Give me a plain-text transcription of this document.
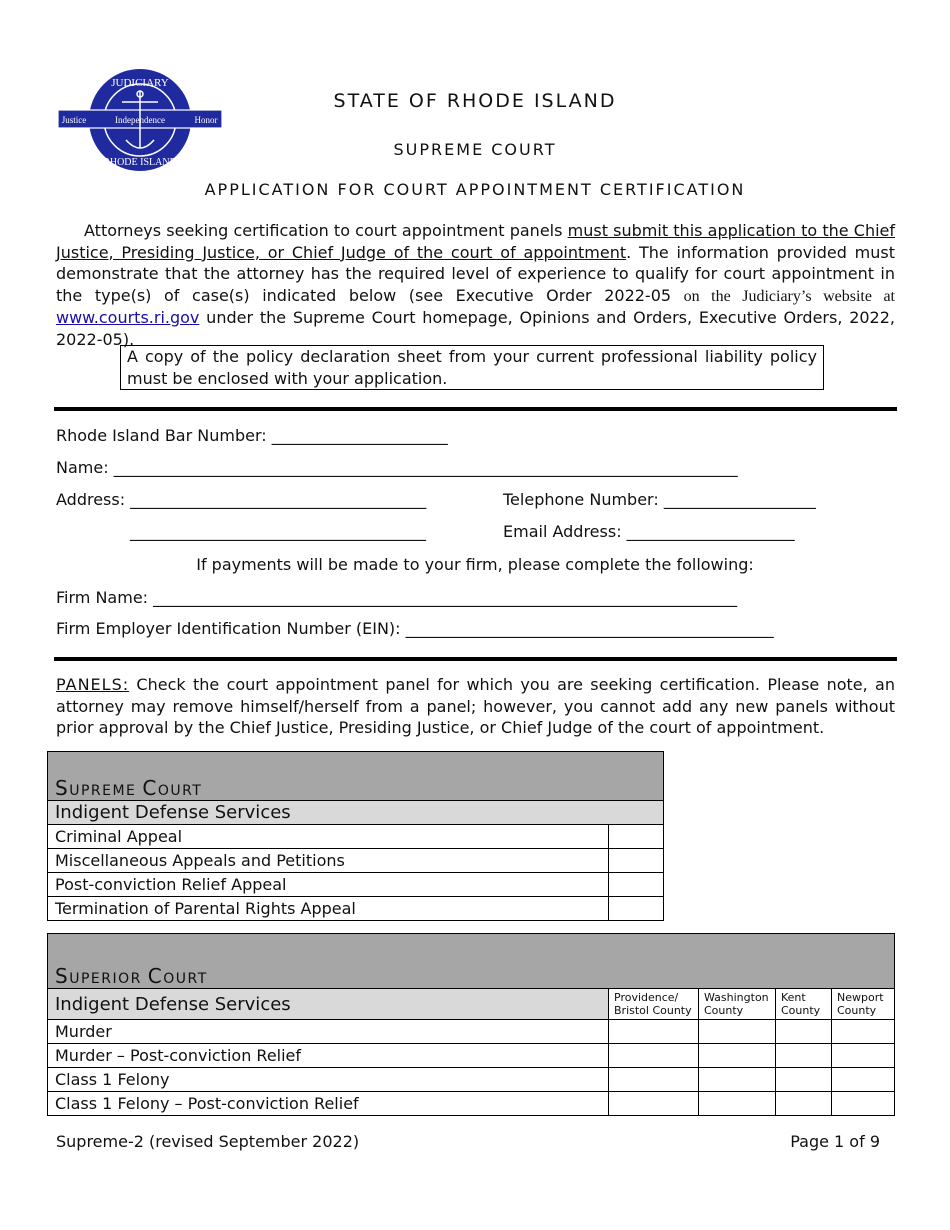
JUDICIARY
RHODE ISLAND
Justice	Independence	Honor
STATE OF RHODE ISLAND
SUPREME COURT
APPLICATION FOR COURT APPOINTMENT CERTIFICATION
Attorneys seeking certification to court appointment panels must submit this application to the Chief Justice, Presiding Justice, or Chief Judge of the court of appointment. The information provided must demonstrate that the attorney has the required level of experience to qualify for court appointment in the type(s) of case(s) indicated below (see Executive Order 2022-05 on the Judiciary’s website at www.courts.ri.gov under the Supreme Court homepage, Opinions and Orders, Executive Orders, 2022, 2022-05).
A copy of the policy declaration sheet from your current professional liability policy must be enclosed with your application.
Rhode Island Bar Number: ______________________
Name: ______________________________________________________________________________
Address: _____________________________________
_____________________________________
Telephone Number: ___________________
Email Address: _____________________
If payments will be made to your firm, please complete the following:
Firm Name: _________________________________________________________________________
Firm Employer Identification Number (EIN): ______________________________________________
PANELS: Check the court appointment panel for which you are seeking certification. Please note, an attorney may remove himself/herself from a panel; however, you cannot add any new panels without prior approval by the Chief Justice, Presiding Justice, or Chief Judge of the court of appointment.
SUPREME COURT	
Indigent Defense Services	
Criminal Appeal	
Miscellaneous Appeals and Petitions	
Post-conviction Relief Appeal	
Termination of Parental Rights Appeal	
SUPERIOR COURT				
Indigent Defense Services	Providence/ Bristol County	Washington County	Kent County	Newport County
Murder				
Murder – Post-conviction Relief				
Class 1 Felony				
Class 1 Felony – Post-conviction Relief				
Supreme-2 (revised September 2022)	Page 1 of 9
